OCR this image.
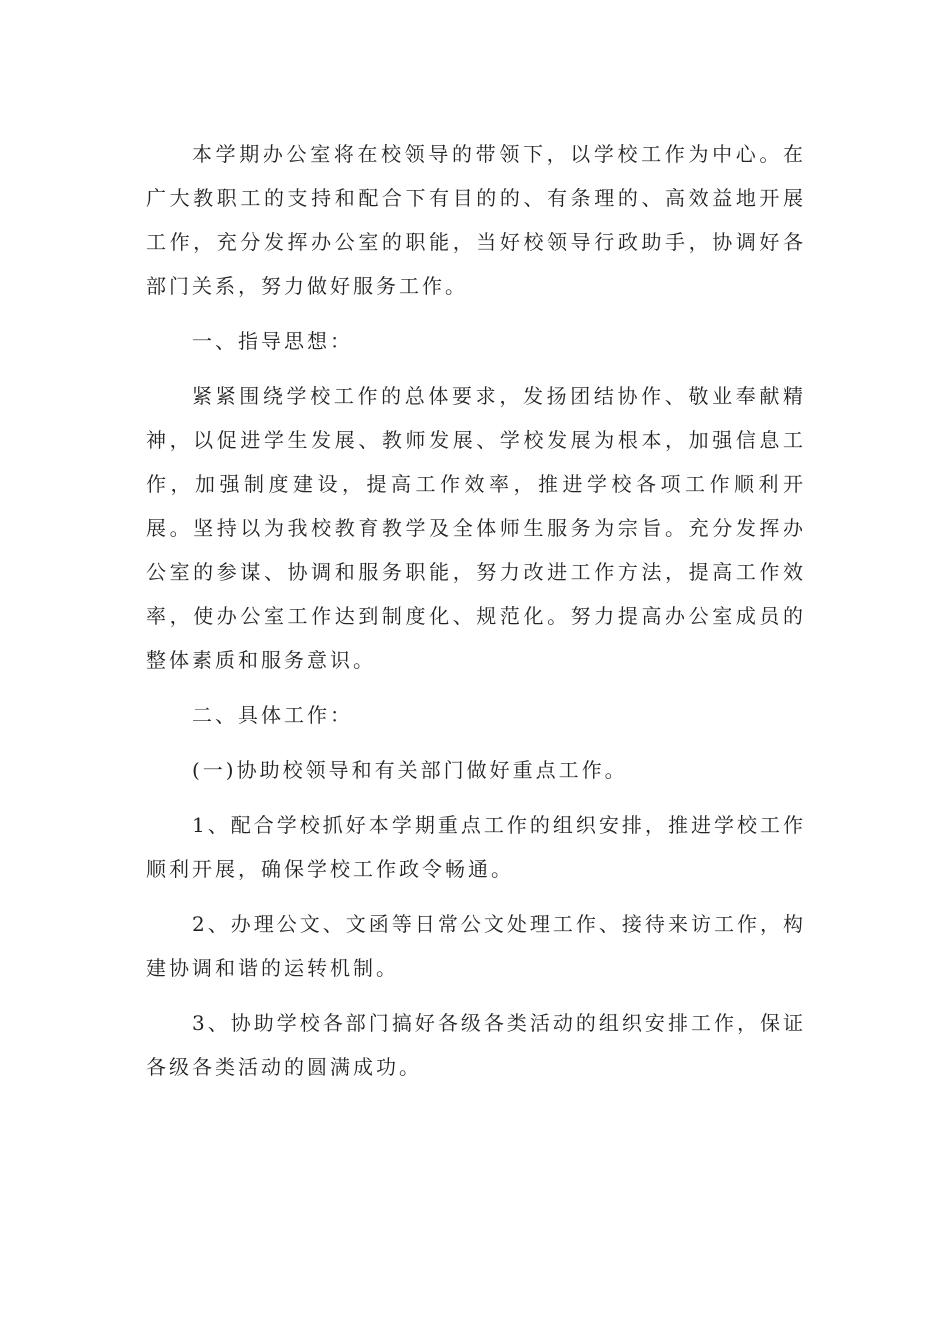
本学期办公室将在校领导的带领下，以学校工作为中心。在广大教职工的支持和配合下有目的的、有条理的、高效益地开展工作，充分发挥办公室的职能，当好校领导行政助手，协调好各部门关系，努力做好服务工作。

一、指导思想：

紧紧围绕学校工作的总体要求，发扬团结协作、敬业奉献精神，以促进学生发展、教师发展、学校发展为根本，加强信息工作，加强制度建设，提高工作效率，推进学校各项工作顺利开展。坚持以为我校教育教学及全体师生服务为宗旨。充分发挥办公室的参谋、协调和服务职能，努力改进工作方法，提高工作效率，使办公室工作达到制度化、规范化。努力提高办公室成员的整体素质和服务意识。

二、具体工作：

(一)协助校领导和有关部门做好重点工作。

1、配合学校抓好本学期重点工作的组织安排，推进学校工作顺利开展，确保学校工作政令畅通。

2、办理公文、文函等日常公文处理工作、接待来访工作，构建协调和谐的运转机制。

3、协助学校各部门搞好各级各类活动的组织安排工作，保证各级各类活动的圆满成功。
